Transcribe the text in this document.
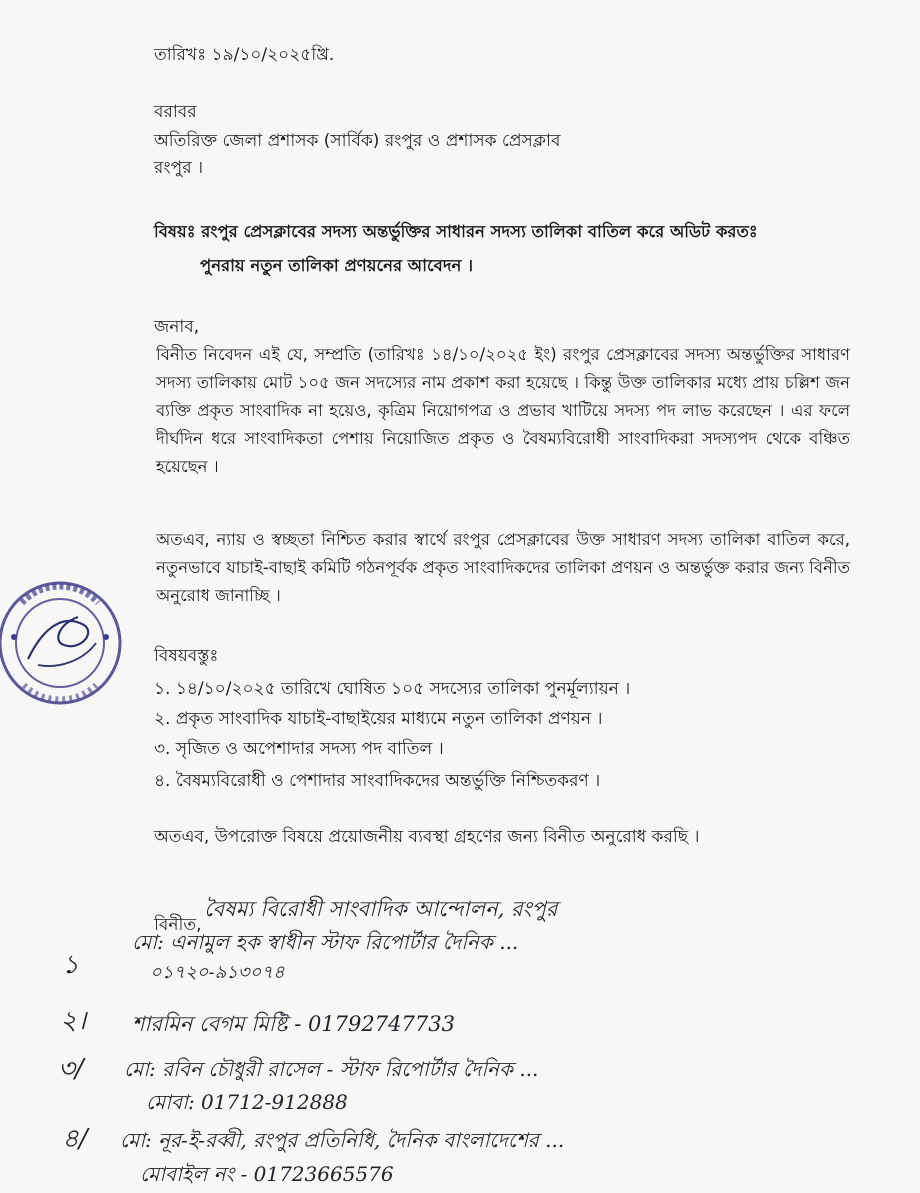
তারিখঃ ১৯/১০/২০২৫খ্রি.
বরাবর
অতিরিক্ত জেলা প্রশাসক (সার্বিক) রংপুর ও প্রশাসক প্রেসক্লাব
রংপুর ।
বিষয়ঃ রংপুর প্রেসক্লাবের সদস্য অন্তর্ভুক্তির সাধারন সদস্য তালিকা বাতিল করে অডিট করতঃ
পুনরায় নতুন তালিকা প্রণয়নের আবেদন ।
জনাব,
বিনীত নিবেদন এই যে, সম্প্রতি (তারিখঃ ১৪/১০/২০২৫ ইং) রংপুর প্রেসক্লাবের সদস্য অন্তর্ভুক্তির সাধারণ সদস্য তালিকায় মোট ১০৫ জন সদস্যের নাম প্রকাশ করা হয়েছে । কিন্তু উক্ত তালিকার মধ্যে প্রায় চল্লিশ জন ব্যক্তি প্রকৃত সাংবাদিক না হয়েও, কৃত্রিম নিয়োগপত্র ও প্রভাব খাটিয়ে সদস্য পদ লাভ করেছেন । এর ফলে দীর্ঘদিন ধরে সাংবাদিকতা পেশায় নিয়োজিত প্রকৃত ও বৈষম্যবিরোধী সাংবাদিকরা সদস্যপদ থেকে বঞ্চিত হয়েছেন ।
অতএব, ন্যায় ও স্বচ্ছতা নিশ্চিত করার স্বার্থে রংপুর প্রেসক্লাবের উক্ত সাধারণ সদস্য তালিকা বাতিল করে, নতুনভাবে যাচাই-বাছাই কমিটি গঠনপূর্বক প্রকৃত সাংবাদিকদের তালিকা প্রণয়ন ও অন্তর্ভুক্ত করার জন্য বিনীত অনুরোধ জানাচ্ছি ।
বিষয়বস্তুঃ
১. ১৪/১০/২০২৫ তারিখে ঘোষিত ১০৫ সদস্যের তালিকা পুনর্মূল্যায়ন ।
২. প্রকৃত সাংবাদিক যাচাই-বাছাইয়ের মাধ্যমে নতুন তালিকা প্রণয়ন ।
৩. সৃজিত ও অপেশাদার সদস্য পদ বাতিল ।
৪. বৈষম্যবিরোধী ও পেশাদার সাংবাদিকদের অন্তর্ভুক্তি নিশ্চিতকরণ ।
অতএব, উপরোক্ত বিষয়ে প্রয়োজনীয় ব্যবস্থা গ্রহণের জন্য বিনীত অনুরোধ করছি ।
বিনীত,
বৈষম্য বিরোধী সাংবাদিক আন্দোলন, রংপুর
১
মো: এনামুল হক স্বাধীন স্টাফ রিপোর্টার দৈনিক ...
০১৭২০-৯১৩০৭৪
২। শারমিন বেগম মিষ্টি - 01792747733
৩/ মো: রবিন চৌধুরী রাসেল - স্টাফ রিপোর্টার দৈনিক ...
মোবা: 01712-912888
৪/ মো: নূর-ই-রব্বী, রংপুর প্রতিনিধি, দৈনিক বাংলাদেশের ...
মোবাইল নং - 01723665576
